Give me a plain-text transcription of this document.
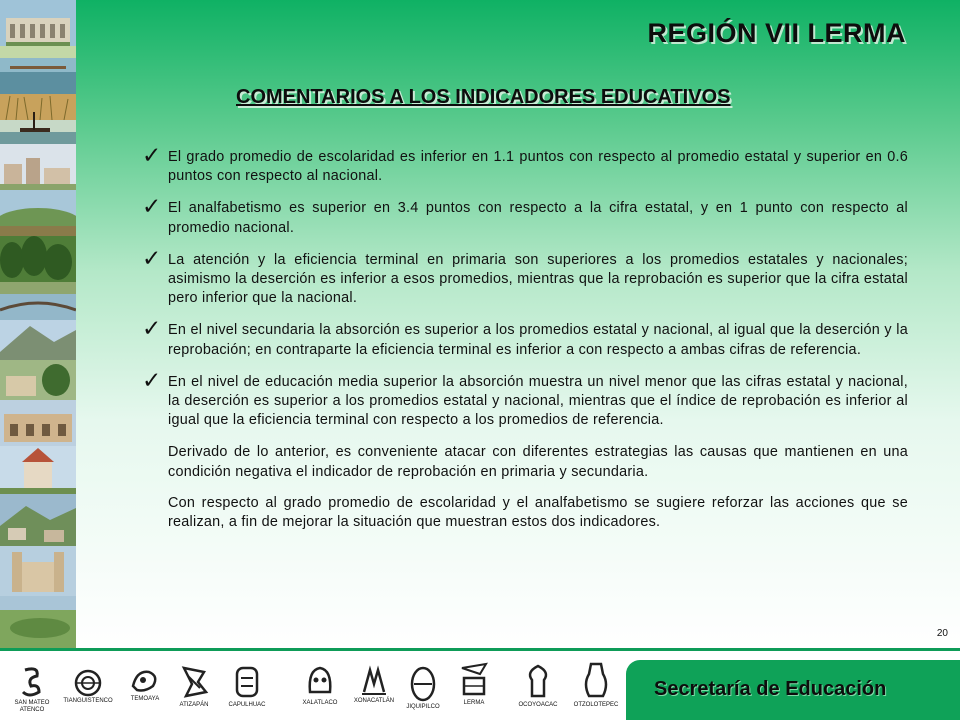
REGIÓN VII LERMA
COMENTARIOS A LOS INDICADORES EDUCATIVOS
✓ El grado promedio de escolaridad es inferior en 1.1 puntos con respecto al promedio estatal y superior en 0.6 puntos con respecto al nacional.
✓ El analfabetismo es superior en 3.4 puntos con respecto a la cifra estatal, y en 1 punto con respecto al promedio nacional.
✓ La atención y la eficiencia terminal en primaria son superiores a los promedios estatales y nacionales; asimismo la deserción es inferior a esos promedios, mientras que la reprobación es superior que la cifra estatal pero inferior que la nacional.
✓ En el nivel secundaria la absorción es superior a los promedios estatal y nacional, al igual que la deserción y la reprobación; en contraparte la eficiencia terminal es inferior a con respecto a ambas cifras de referencia.
✓ En el nivel de educación media superior la absorción muestra un nivel menor que las cifras estatal y nacional, la deserción es superior a los promedios estatal y nacional, mientras que el índice de reprobación es inferior al igual que la eficiencia terminal con respecto a los promedios de referencia.
Derivado de lo anterior, es conveniente atacar con diferentes estrategias las causas que mantienen en una condición negativa el indicador de reprobación en primaria y secundaria.
Con respecto al grado promedio de escolaridad y el analfabetismo se sugiere reforzar las acciones que se realizan, a fin de mejorar la situación que muestran estos dos indicadores.
20
SAN MATEO
ATENCO
TIANGUISTENCO	TEMOAYA
ATIZAPÁN	CAPULHUAC	XALATLACO	XONACATLÁN
JIQUIPILCO
LERMA	OCOYOACAC	OTZOLOTEPEC
Secretaría de Educación
